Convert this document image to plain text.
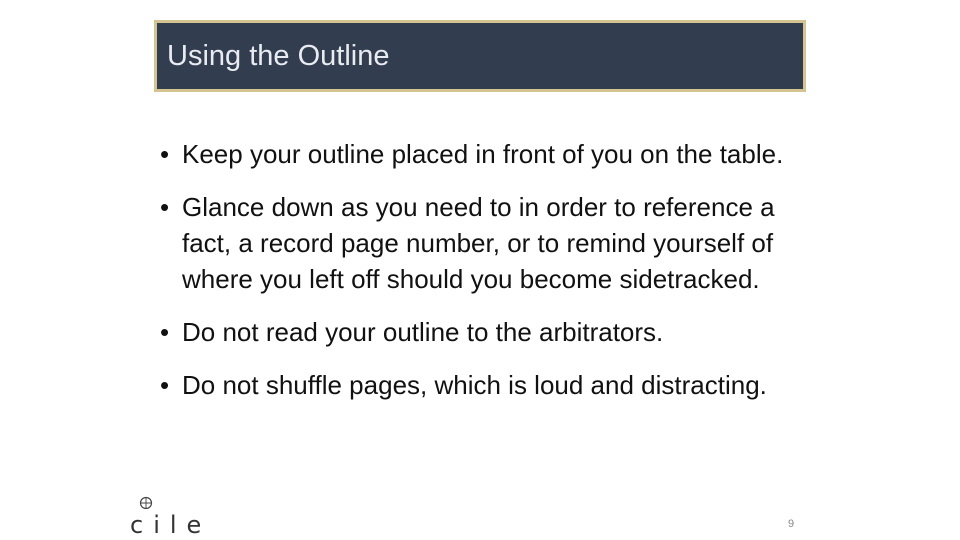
Using the Outline
• Keep your outline placed in front of you on the table.
• Glance down as you need to in order to reference a fact, a record page number, or to remind yourself of where you left off should you become sidetracked.
• Do not read your outline to the arbitrators.
• Do not shuffle pages, which is loud and distracting.
cile	9
